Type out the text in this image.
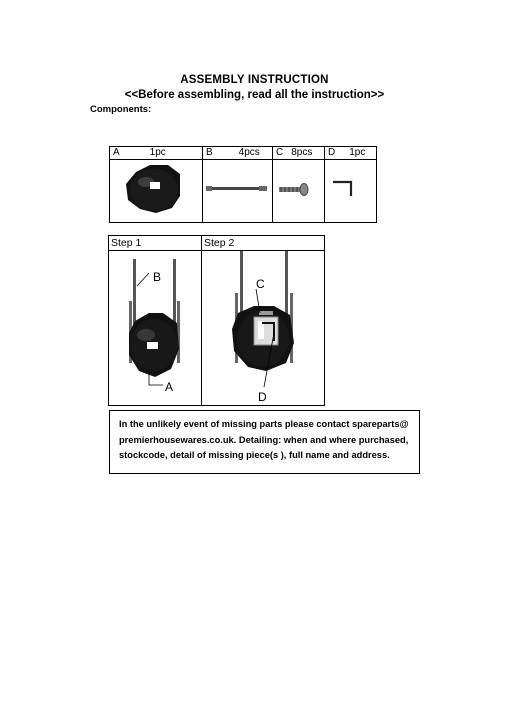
ASSEMBLY INSTRUCTION
<<Before assembling, read all the instruction>>
Components:
A	1pc	B	4pcs C 8pcs D 1pc
Step 1
B
A
Step 2
C
D
In the unlikely event of missing parts please contact spareparts@ premierhousewares.co.uk. Detailing: when and where purchased, stockcode, detail of missing piece(s ), full name and address.
